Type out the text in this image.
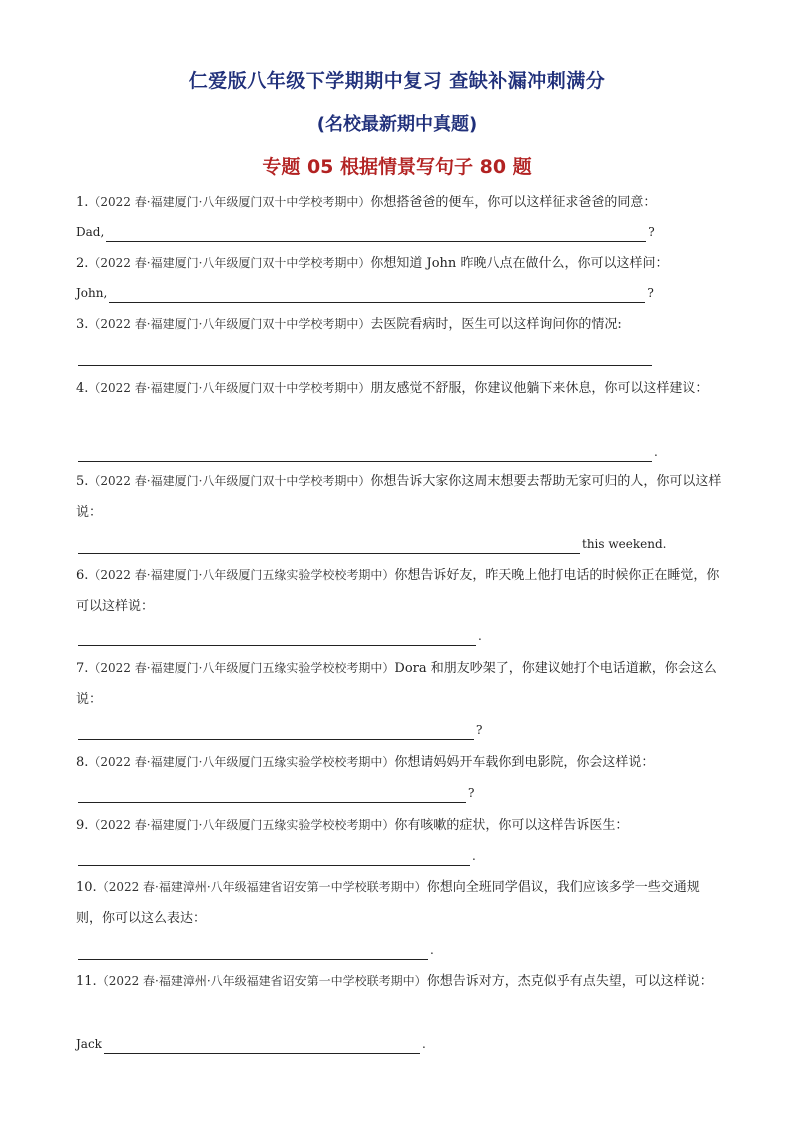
仁爱版八年级下学期期中复习 查缺补漏冲刺满分
(名校最新期中真题)
专题 05 根据情景写句子 80 题
1.（2022 春·福建厦门·八年级厦门双十中学校考期中）你想搭爸爸的便车，你可以这样征求爸爸的同意：
Dad,	?
2.（2022 春·福建厦门·八年级厦门双十中学校考期中）你想知道 John 昨晚八点在做什么，你可以这样问：
John,	?
3.（2022 春·福建厦门·八年级厦门双十中学校考期中）去医院看病时，医生可以这样询问你的情况:
4.（2022 春·福建厦门·八年级厦门双十中学校考期中）朋友感觉不舒服，你建议他躺下来休息，你可以这样建议：
.
5.（2022 春·福建厦门·八年级厦门双十中学校考期中）你想告诉大家你这周末想要去帮助无家可归的人，你可以这样说：
this weekend.
6.（2022 春·福建厦门·八年级厦门五缘实验学校校考期中）你想告诉好友，昨天晚上他打电话的时候你正在睡觉，你可以这样说：
.
7.（2022 春·福建厦门·八年级厦门五缘实验学校校考期中）Dora 和朋友吵架了，你建议她打个电话道歉，你会这么说：
?
8.（2022 春·福建厦门·八年级厦门五缘实验学校校考期中）你想请妈妈开车载你到电影院，你会这样说：
?
9.（2022 春·福建厦门·八年级厦门五缘实验学校校考期中）你有咳嗽的症状，你可以这样告诉医生：
.
10.（2022 春·福建漳州·八年级福建省诏安第一中学校联考期中）你想向全班同学倡议，我们应该多学一些交通规则，你可以这么表达：
.
11.（2022 春·福建漳州·八年级福建省诏安第一中学校联考期中）你想告诉对方，杰克似乎有点失望，可以这样说：
Jack	.
